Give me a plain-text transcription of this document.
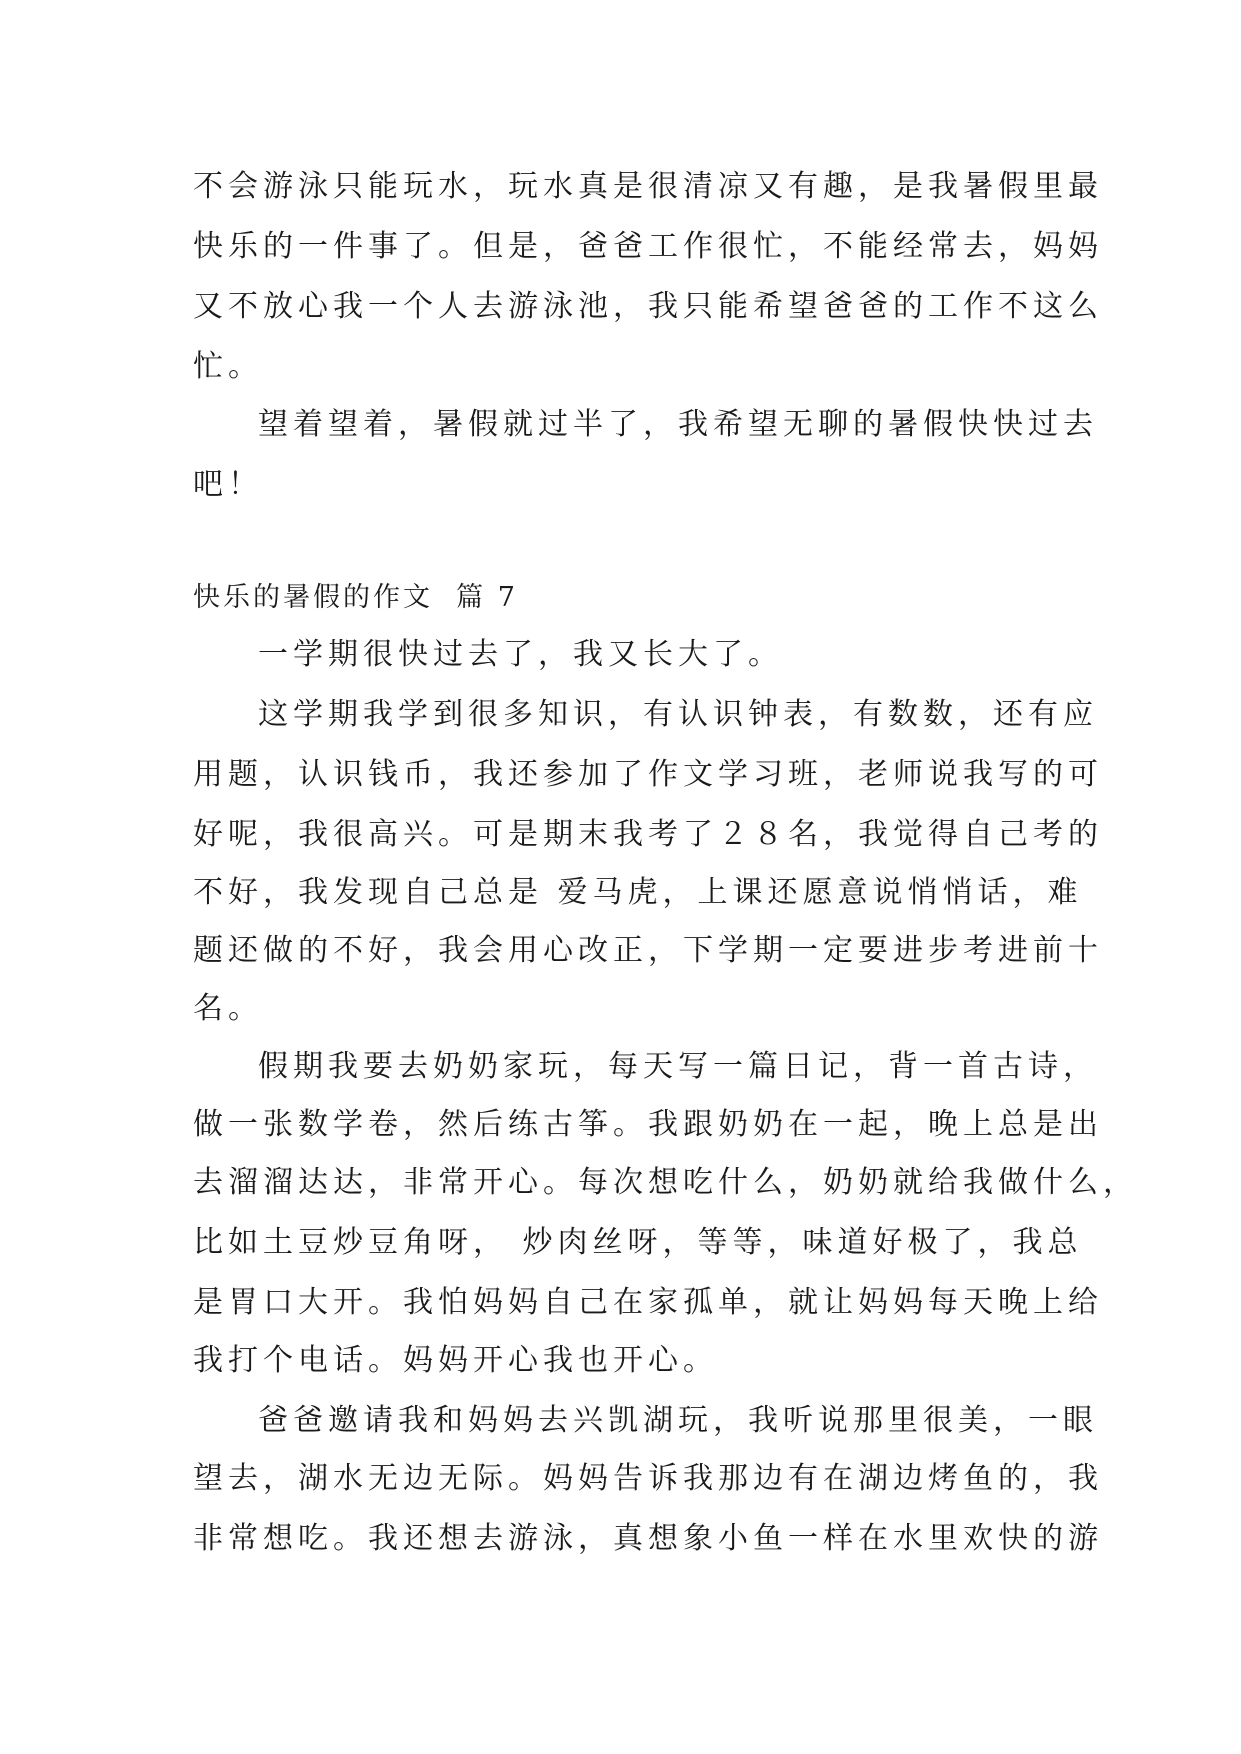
不会游泳只能玩水，玩水真是很清凉又有趣，是我暑假里最
快乐的一件事了。但是，爸爸工作很忙，不能经常去，妈妈
又不放心我一个人去游泳池，我只能希望爸爸的工作不这么
忙。
望着望着，暑假就过半了，我希望无聊的暑假快快过去
吧！
快乐的暑假的作文  篇 7
一学期很快过去了，我又长大了。
这学期我学到很多知识，有认识钟表，有数数，还有应
用题，认识钱币，我还参加了作文学习班，老师说我写的可
好呢，我很高兴。可是期末我考了２８名，我觉得自己考的
不好，我发现自己总是 爱马虎，上课还愿意说悄悄话，难
题还做的不好，我会用心改正，下学期一定要进步考进前十
名。
假期我要去奶奶家玩，每天写一篇日记，背一首古诗，
做一张数学卷，然后练古筝。我跟奶奶在一起，晚上总是出
去溜溜达达，非常开心。每次想吃什么，奶奶就给我做什么，
比如土豆炒豆角呀， 炒肉丝呀，等等，味道好极了，我总
是胃口大开。我怕妈妈自己在家孤单，就让妈妈每天晚上给
我打个电话。妈妈开心我也开心。
爸爸邀请我和妈妈去兴凯湖玩，我听说那里很美，一眼
望去，湖水无边无际。妈妈告诉我那边有在湖边烤鱼的，我
非常想吃。我还想去游泳，真想象小鱼一样在水里欢快的游
